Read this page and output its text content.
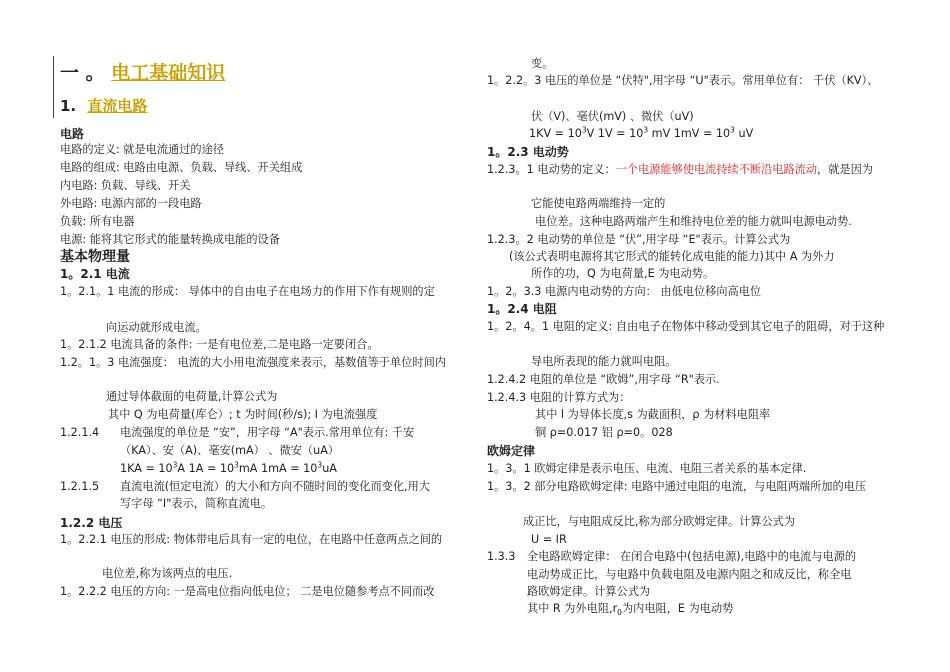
一 。 电工基础知识
1. 直流电路
电路
电路的定义: 就是电流通过的途径
电路的组成: 电路由电源、负载、导线、开关组成
内电路: 负载、导线、开关
外电路: 电源内部的一段电路
负载: 所有电器
电源: 能将其它形式的能量转换成电能的设备
基本物理量
1。2.1 电流
1。2.1。1 电流的形成： 导体中的自由电子在电场力的作用下作有规则的定
向运动就形成电流。
1。2.1.2 电流具备的条件: 一是有电位差,二是电路一定要闭合。
1.2。1。3 电流强度： 电流的大小用电流强度来表示，基数值等于单位时间内
通过导体截面的电荷量,计算公式为
其中 Q 为电荷量(库仑）; t 为时间(秒/s); I 为电流强度
1.2.1.4 电流强度的单位是 “安”，用字母 “A"表示.常用单位有: 千安
（KA）、安（A)、毫安(mA） 、微安（uA）
$1KA = 10^3A$ $1A = 10^3mA$ $1mA = 10^3uA$
1.2.1.5 直流电流(恒定电流）的大小和方向不随时间的变化而变化,用大
写字母 “I"表示，简称直流电。
1.2.2 电压
1。2.2.1 电压的形成: 物体带电后具有一定的电位，在电路中任意两点之间的
电位差,称为该两点的电压.
1。2.2.2 电压的方向: 一是高电位指向低电位； 二是电位随参考点不同而改
变。
1。2.2。3 电压的单位是 “伏特",用字母 “U"表示。常用单位有： 千伏（KV）、
伏（V)、毫伏(mV) 、微伏（uV)
$1KV = 10^3V$ $1V = 10^3$ mV $1mV = 10^3$ uV
1。2.3 电动势
1.2.3。1 电动势的定义：一个电源能够使电流持续不断沿电路流动，就是因为
它能使电路两端维持一定的
电位差。这种电路两端产生和维持电位差的能力就叫电源电动势.
1.2.3。2 电动势的单位是 “伏”,用字母 “E"表示。计算公式为
(该公式表明电源将其它形式的能转化成电能的能力)其中 A 为外力
所作的功，Q 为电荷量,E 为电动势。
1。2。3.3 电源内电动势的方向： 由低电位移向高电位
1。2.4 电阻
1。2。4。1 电阻的定义: 自由电子在物体中移动受到其它电子的阻碍，对于这种
导电所表现的能力就叫电阻。
1.2.4.2 电阻的单位是 “欧姆”,用字母 “R"表示.
1.2.4.3 电阻的计算方式为：
其中 l 为导体长度,s 为截面积，ρ 为材料电阻率
铜 ρ=0.017 铝 ρ=0。028
欧姆定律
1。3。1 欧姆定律是表示电压、电流、电阻三者关系的基本定律.
1。3。2 部分电路欧姆定律: 电路中通过电阻的电流，与电阻两端所加的电压
成正比，与电阻成反比,称为部分欧姆定律。计算公式为
U = IR
1.3.3 全电路欧姆定律： 在闭合电路中(包括电源),电路中的电流与电源的
电动势成正比，与电路中负载电阻及电源内阻之和成反比，称全电
路欧姆定律。计算公式为
其中 R 为外电阻$,r_0$为内电阻，E 为电动势
